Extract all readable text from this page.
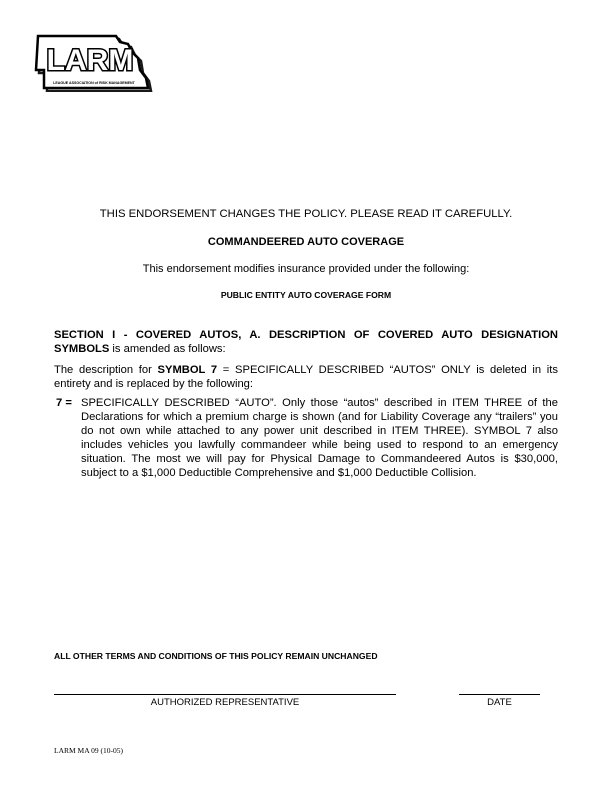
LARM
LEAGUE ASSOCIATION of RISK MANAGEMENT
THIS ENDORSEMENT CHANGES THE POLICY. PLEASE READ IT CAREFULLY.
COMMANDEERED AUTO COVERAGE
This endorsement modifies insurance provided under the following:
PUBLIC ENTITY AUTO COVERAGE FORM
SECTION I - COVERED AUTOS, A. DESCRIPTION OF COVERED AUTO DESIGNATION SYMBOLS is amended as follows:
The description for SYMBOL 7 = SPECIFICALLY DESCRIBED “AUTOS” ONLY is deleted in its entirety and is replaced by the following:
7 = SPECIFICALLY DESCRIBED “AUTO”. Only those “autos” described in ITEM THREE of the Declarations for which a premium charge is shown (and for Liability Coverage any “trailers” you do not own while attached to any power unit described in ITEM THREE). SYMBOL 7 also includes vehicles you lawfully commandeer while being used to respond to an emergency situation. The most we will pay for Physical Damage to Commandeered Autos is $30,000, subject to a $1,000 Deductible Comprehensive and $1,000 Deductible Collision.
ALL OTHER TERMS AND CONDITIONS OF THIS POLICY REMAIN UNCHANGED
AUTHORIZED REPRESENTATIVE	DATE
LARM MA 09 (10-05)
